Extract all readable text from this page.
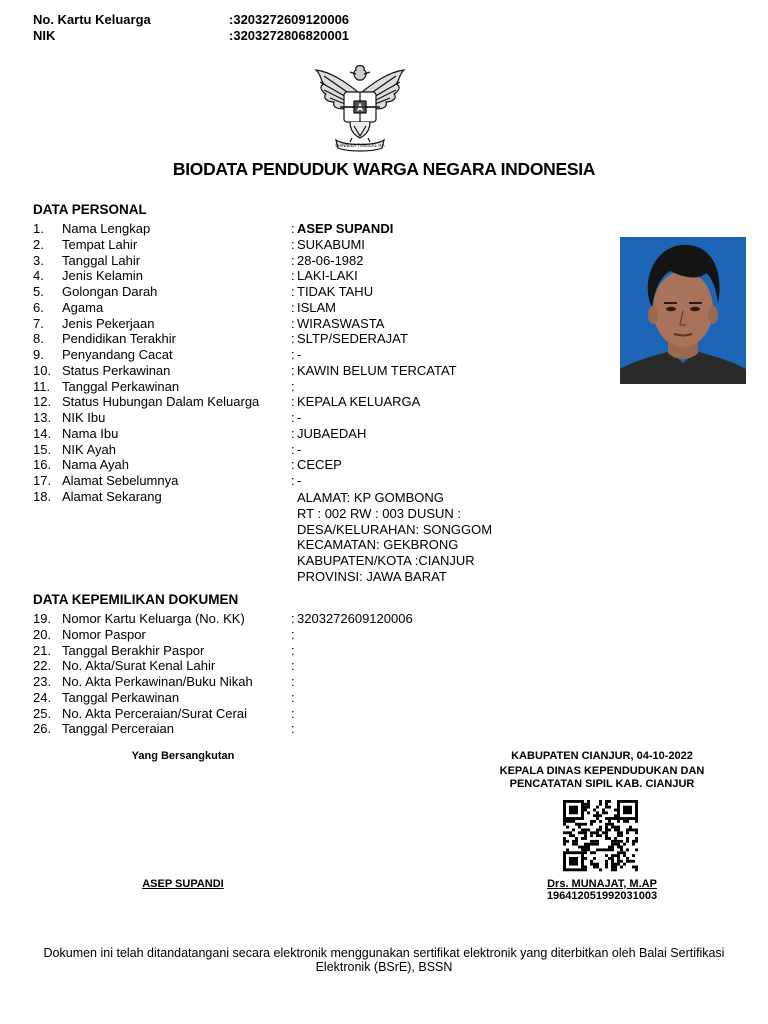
No. Kartu Keluarga	:3203272609120006
NIK	:3203272806820001
BHINNEKA TUNGGAL IKA
BIODATA PENDUDUK WARGA NEGARA INDONESIA
DATA PERSONAL
1. Nama Lengkap	: ASEP SUPANDI
2. Tempat Lahir	: SUKABUMI
3. Tanggal Lahir	: 28-06-1982
4. Jenis Kelamin	: LAKI-LAKI
5. Golongan Darah	: TIDAK TAHU
6. Agama	: ISLAM
7. Jenis Pekerjaan	: WIRASWASTA
8. Pendidikan Terakhir	: SLTP/SEDERAJAT
9. Penyandang Cacat	: -
10. Status Perkawinan	: KAWIN BELUM TERCATAT
11. Tanggal Perkawinan	:
12. Status Hubungan Dalam Keluarga : KEPALA KELUARGA
13. NIK Ibu	: -
14. Nama Ibu	: JUBAEDAH
15. NIK Ayah	: -
16. Nama Ayah	: CECEP
17. Alamat Sebelumnya	: -
18. Alamat Sekarang	ALAMAT: KP GOMBONG
RT : 002 RW : 003 DUSUN :
DESA/KELURAHAN: SONGGOM
KECAMATAN: GEKBRONG
KABUPATEN/KOTA :CIANJUR
PROVINSI: JAWA BARAT
DATA KEPEMILIKAN DOKUMEN
19. Nomor Kartu Keluarga (No. KK)	: 3203272609120006
20. Nomor Paspor	:
21. Tanggal Berakhir Paspor	:
22. No. Akta/Surat Kenal Lahir	:
23. No. Akta Perkawinan/Buku Nikah	:
24. Tanggal Perkawinan	:
25. No. Akta Perceraian/Surat Cerai	:
26. Tanggal Perceraian	:
Yang Bersangkutan
ASEP SUPANDI
KABUPATEN CIANJUR, 04-10-2022
KEPALA DINAS KEPENDUDUKAN DAN
PENCATATAN SIPIL KAB. CIANJUR
Drs. MUNAJAT, M.AP
196412051992031003
Dokumen ini telah ditandatangani secara elektronik menggunakan sertifikat elektronik yang diterbitkan oleh Balai Sertifikasi
Elektronik (BSrE), BSSN
